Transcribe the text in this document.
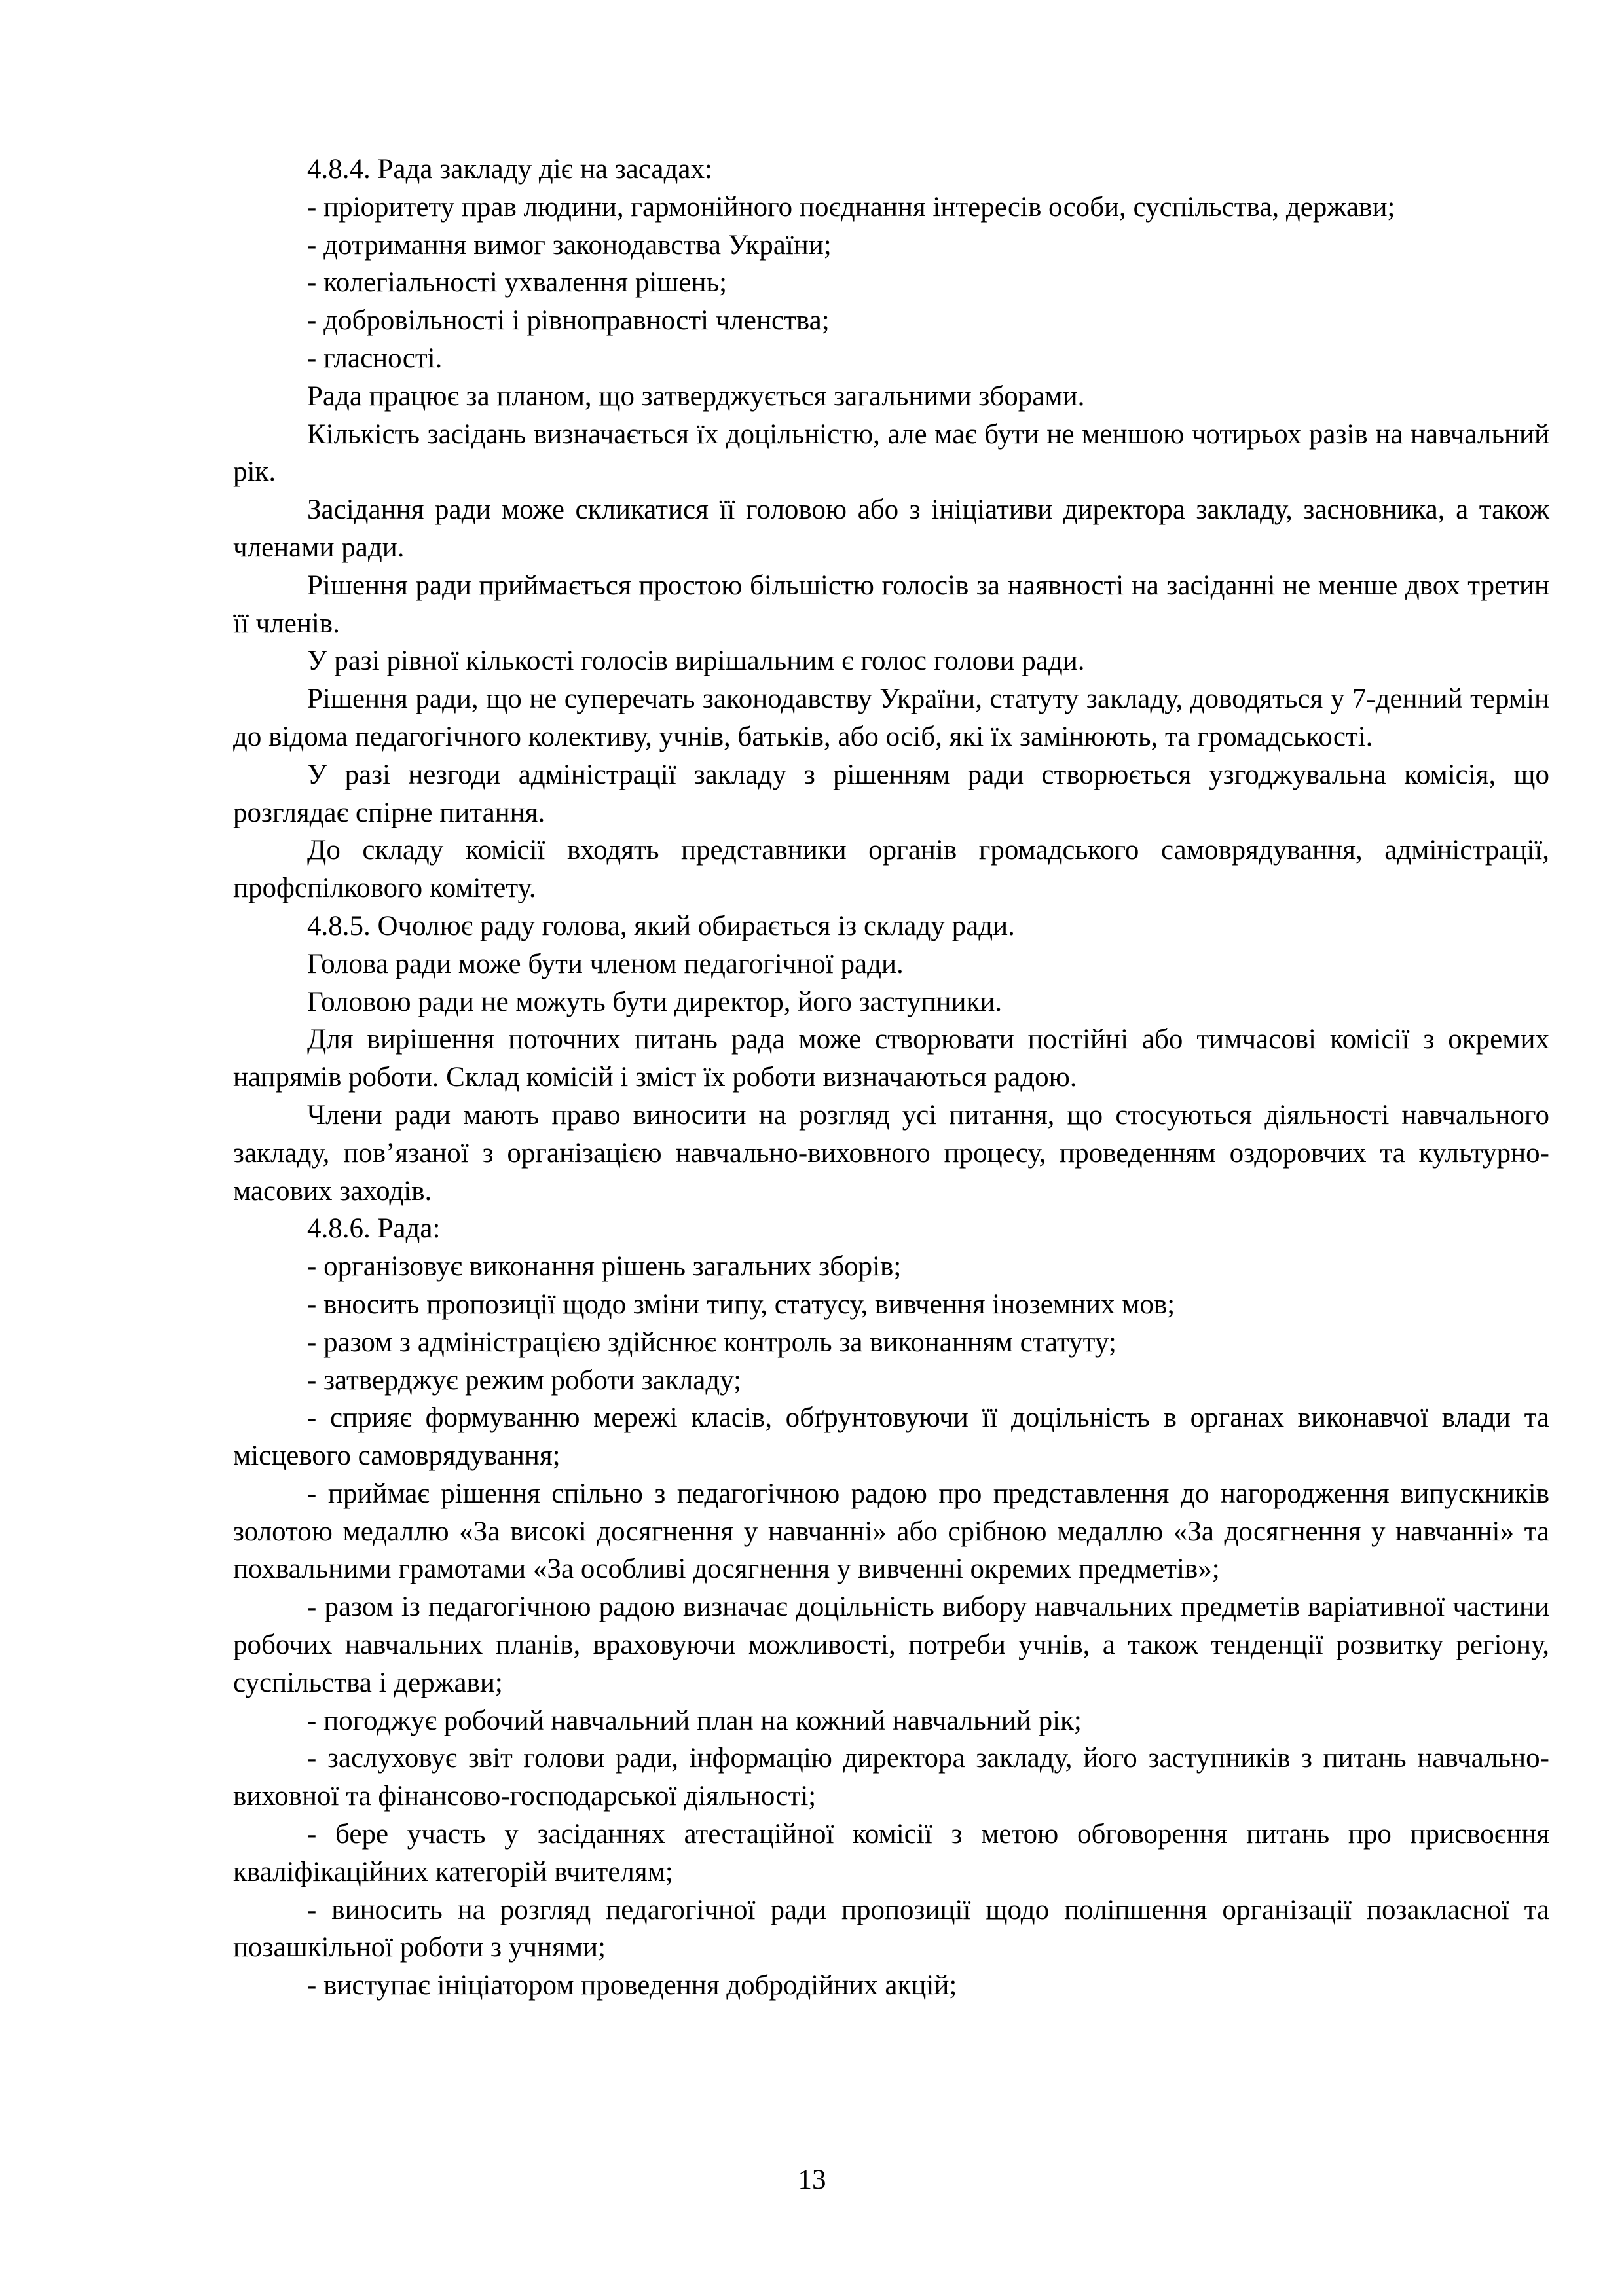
4.8.4. Рада закладу діє на засадах:

- пріоритету прав людини, гармонійного поєднання інтересів особи, суспільства, держави;

- дотримання вимог законодавства України;

- колегіальності ухвалення рішень;

- добровільності і рівноправності членства;

- гласності.

Рада працює за планом, що затверджується загальними зборами.

Кількість засідань визначається їх доцільністю, але має бути не меншою чотирьох разів на навчальний рік.

Засідання ради може скликатися її головою або з ініціативи директора закладу, засновника, а також членами ради.

Рішення ради приймається простою більшістю голосів за наявності на засіданні не менше двох третин її членів.

У разі рівної кількості голосів вирішальним є голос голови ради.

Рішення ради, що не суперечать законодавству України, статуту закладу, доводяться у 7-денний термін до відома педагогічного колективу, учнів, батьків, або осіб, які їх замінюють, та громадськості.

У разі незгоди адміністрації закладу з рішенням ради створюється узгоджувальна комісія, що розглядає спірне питання.

До складу комісії входять представники органів громадського самоврядування, адміністрації, профспілкового комітету.

4.8.5. Очолює раду голова, який обирається із складу ради.

Голова ради може бути членом педагогічної ради.

Головою ради не можуть бути директор, його заступники.

Для вирішення поточних питань рада може створювати постійні або тимчасові комісії з окремих напрямів роботи. Склад комісій і зміст їх роботи визначаються радою.

Члени ради мають право виносити на розгляд усі питання, що стосуються діяльності навчального закладу, пов’язаної з організацією навчально-виховного процесу, проведенням оздоровчих та культурно-масових заходів.

4.8.6. Рада:

- організовує виконання рішень загальних зборів;

- вносить пропозиції щодо зміни типу, статусу, вивчення іноземних мов;

- разом з адміністрацією здійснює контроль за виконанням статуту;

- затверджує режим роботи закладу;

- сприяє формуванню мережі класів, обґрунтовуючи її доцільність в органах виконавчої влади та місцевого самоврядування;

- приймає рішення спільно з педагогічною радою про представлення до нагородження випускників золотою медаллю «За високі досягнення у навчанні» або срібною медаллю «За досягнення у навчанні» та похвальними грамотами «За особливі досягнення у вивченні окремих предметів»;

- разом із педагогічною радою визначає доцільність вибору навчальних предметів варіативної частини робочих навчальних планів, враховуючи можливості, потреби учнів, а також тенденції розвитку регіону, суспільства і держави;

- погоджує робочий навчальний план на кожний навчальний рік;

- заслуховує звіт голови ради, інформацію директора закладу, його заступників з питань навчально-виховної та фінансово-господарської діяльності;

- бере участь у засіданнях атестаційної комісії з метою обговорення питань про присвоєння кваліфікаційних категорій вчителям;

- виносить на розгляд педагогічної ради пропозиції щодо поліпшення організації позакласної та позашкільної роботи з учнями;

- виступає ініціатором проведення добродійних акцій;

13
